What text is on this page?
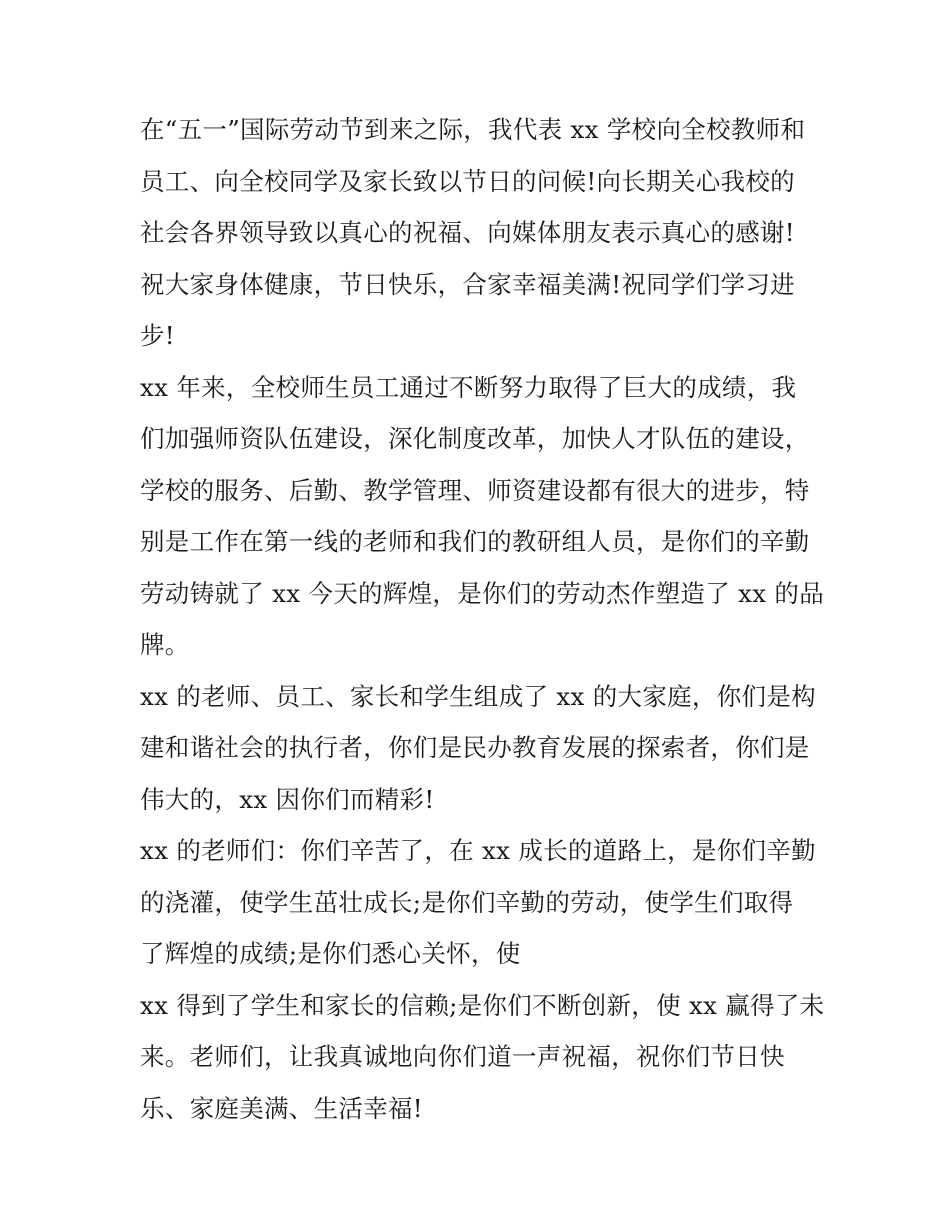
在“五一”国际劳动节到来之际，我代表 xx 学校向全校教师和
员工、向全校同学及家长致以节日的问候!向长期关心我校的
社会各界领导致以真心的祝福、向媒体朋友表示真心的感谢!
祝大家身体健康，节日快乐，合家幸福美满!祝同学们学习进
步!
xx 年来，全校师生员工通过不断努力取得了巨大的成绩，我
们加强师资队伍建设，深化制度改革，加快人才队伍的建设，
学校的服务、后勤、教学管理、师资建设都有很大的进步，特
别是工作在第一线的老师和我们的教研组人员，是你们的辛勤
劳动铸就了 xx 今天的辉煌，是你们的劳动杰作塑造了 xx 的品
牌。
xx 的老师、员工、家长和学生组成了 xx 的大家庭，你们是构
建和谐社会的执行者，你们是民办教育发展的探索者，你们是
伟大的，xx 因你们而精彩!
xx 的老师们：你们辛苦了，在 xx 成长的道路上，是你们辛勤
的浇灌，使学生茁壮成长;是你们辛勤的劳动，使学生们取得
了辉煌的成绩;是你们悉心关怀，使
xx 得到了学生和家长的信赖;是你们不断创新，使 xx 赢得了未
来。老师们，让我真诚地向你们道一声祝福，祝你们节日快
乐、家庭美满、生活幸福!
